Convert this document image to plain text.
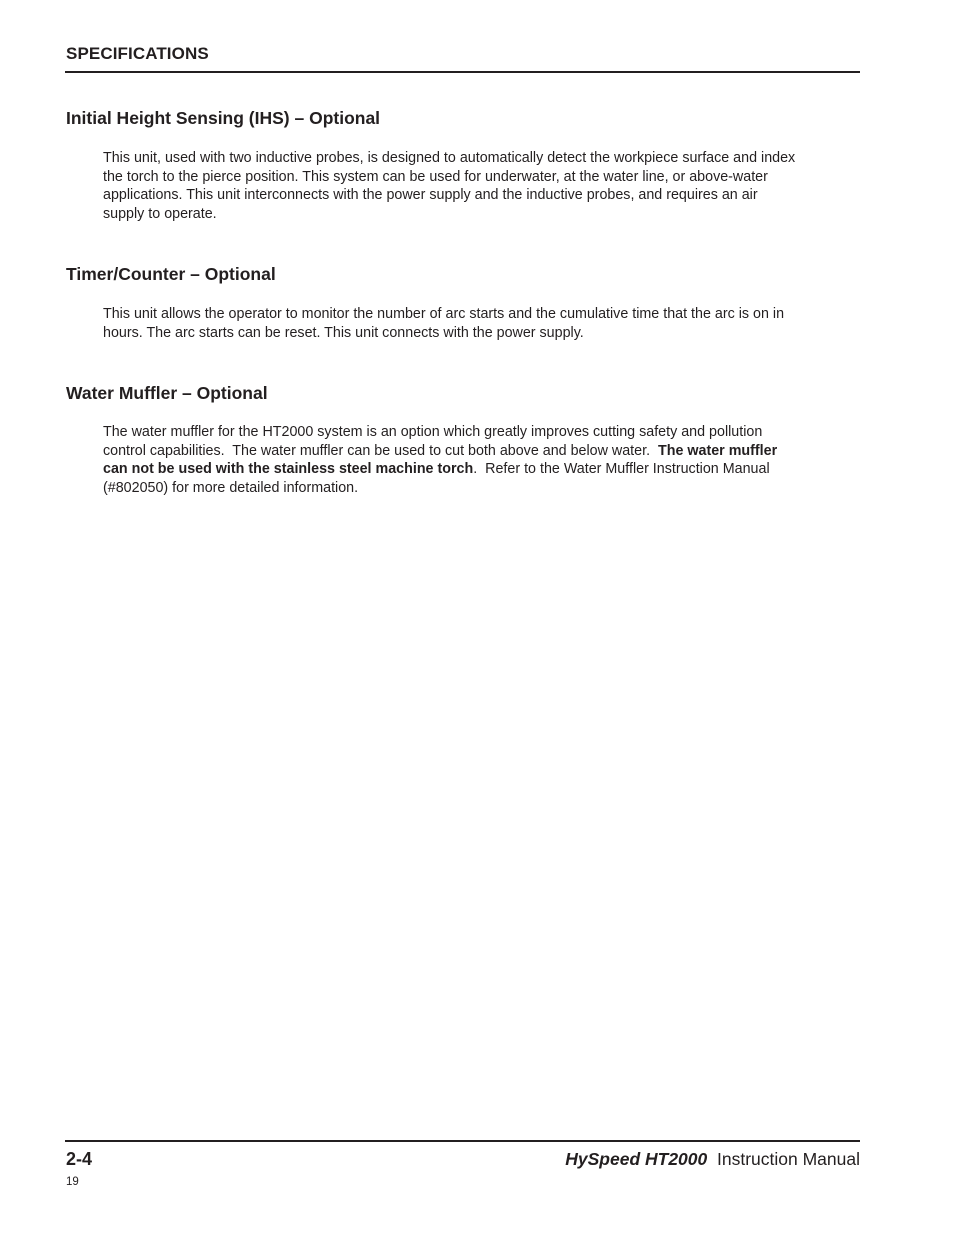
SPECIFICATIONS
Initial Height Sensing (IHS) – Optional

This unit, used with two inductive probes, is designed to automatically detect the workpiece surface and index

the torch to the pierce position. This system can be used for underwater, at the water line, or above-water

applications. This unit interconnects with the power supply and the inductive probes, and requires an air

supply to operate.

Timer/Counter – Optional

This unit allows the operator to monitor the number of arc starts and the cumulative time that the arc is on in

hours. The arc starts can be reset. This unit connects with the power supply.

Water Muffler – Optional

The water muffler for the HT2000 system is an option which greatly improves cutting safety and pollution

control capabilities.  The water muffler can be used to cut both above and below water.  The water muffler

can not be used with the stainless steel machine torch.  Refer to the Water Muffler Instruction Manual

(#802050) for more detailed information.

2-4	HySpeed HT2000 Instruction Manual
19
